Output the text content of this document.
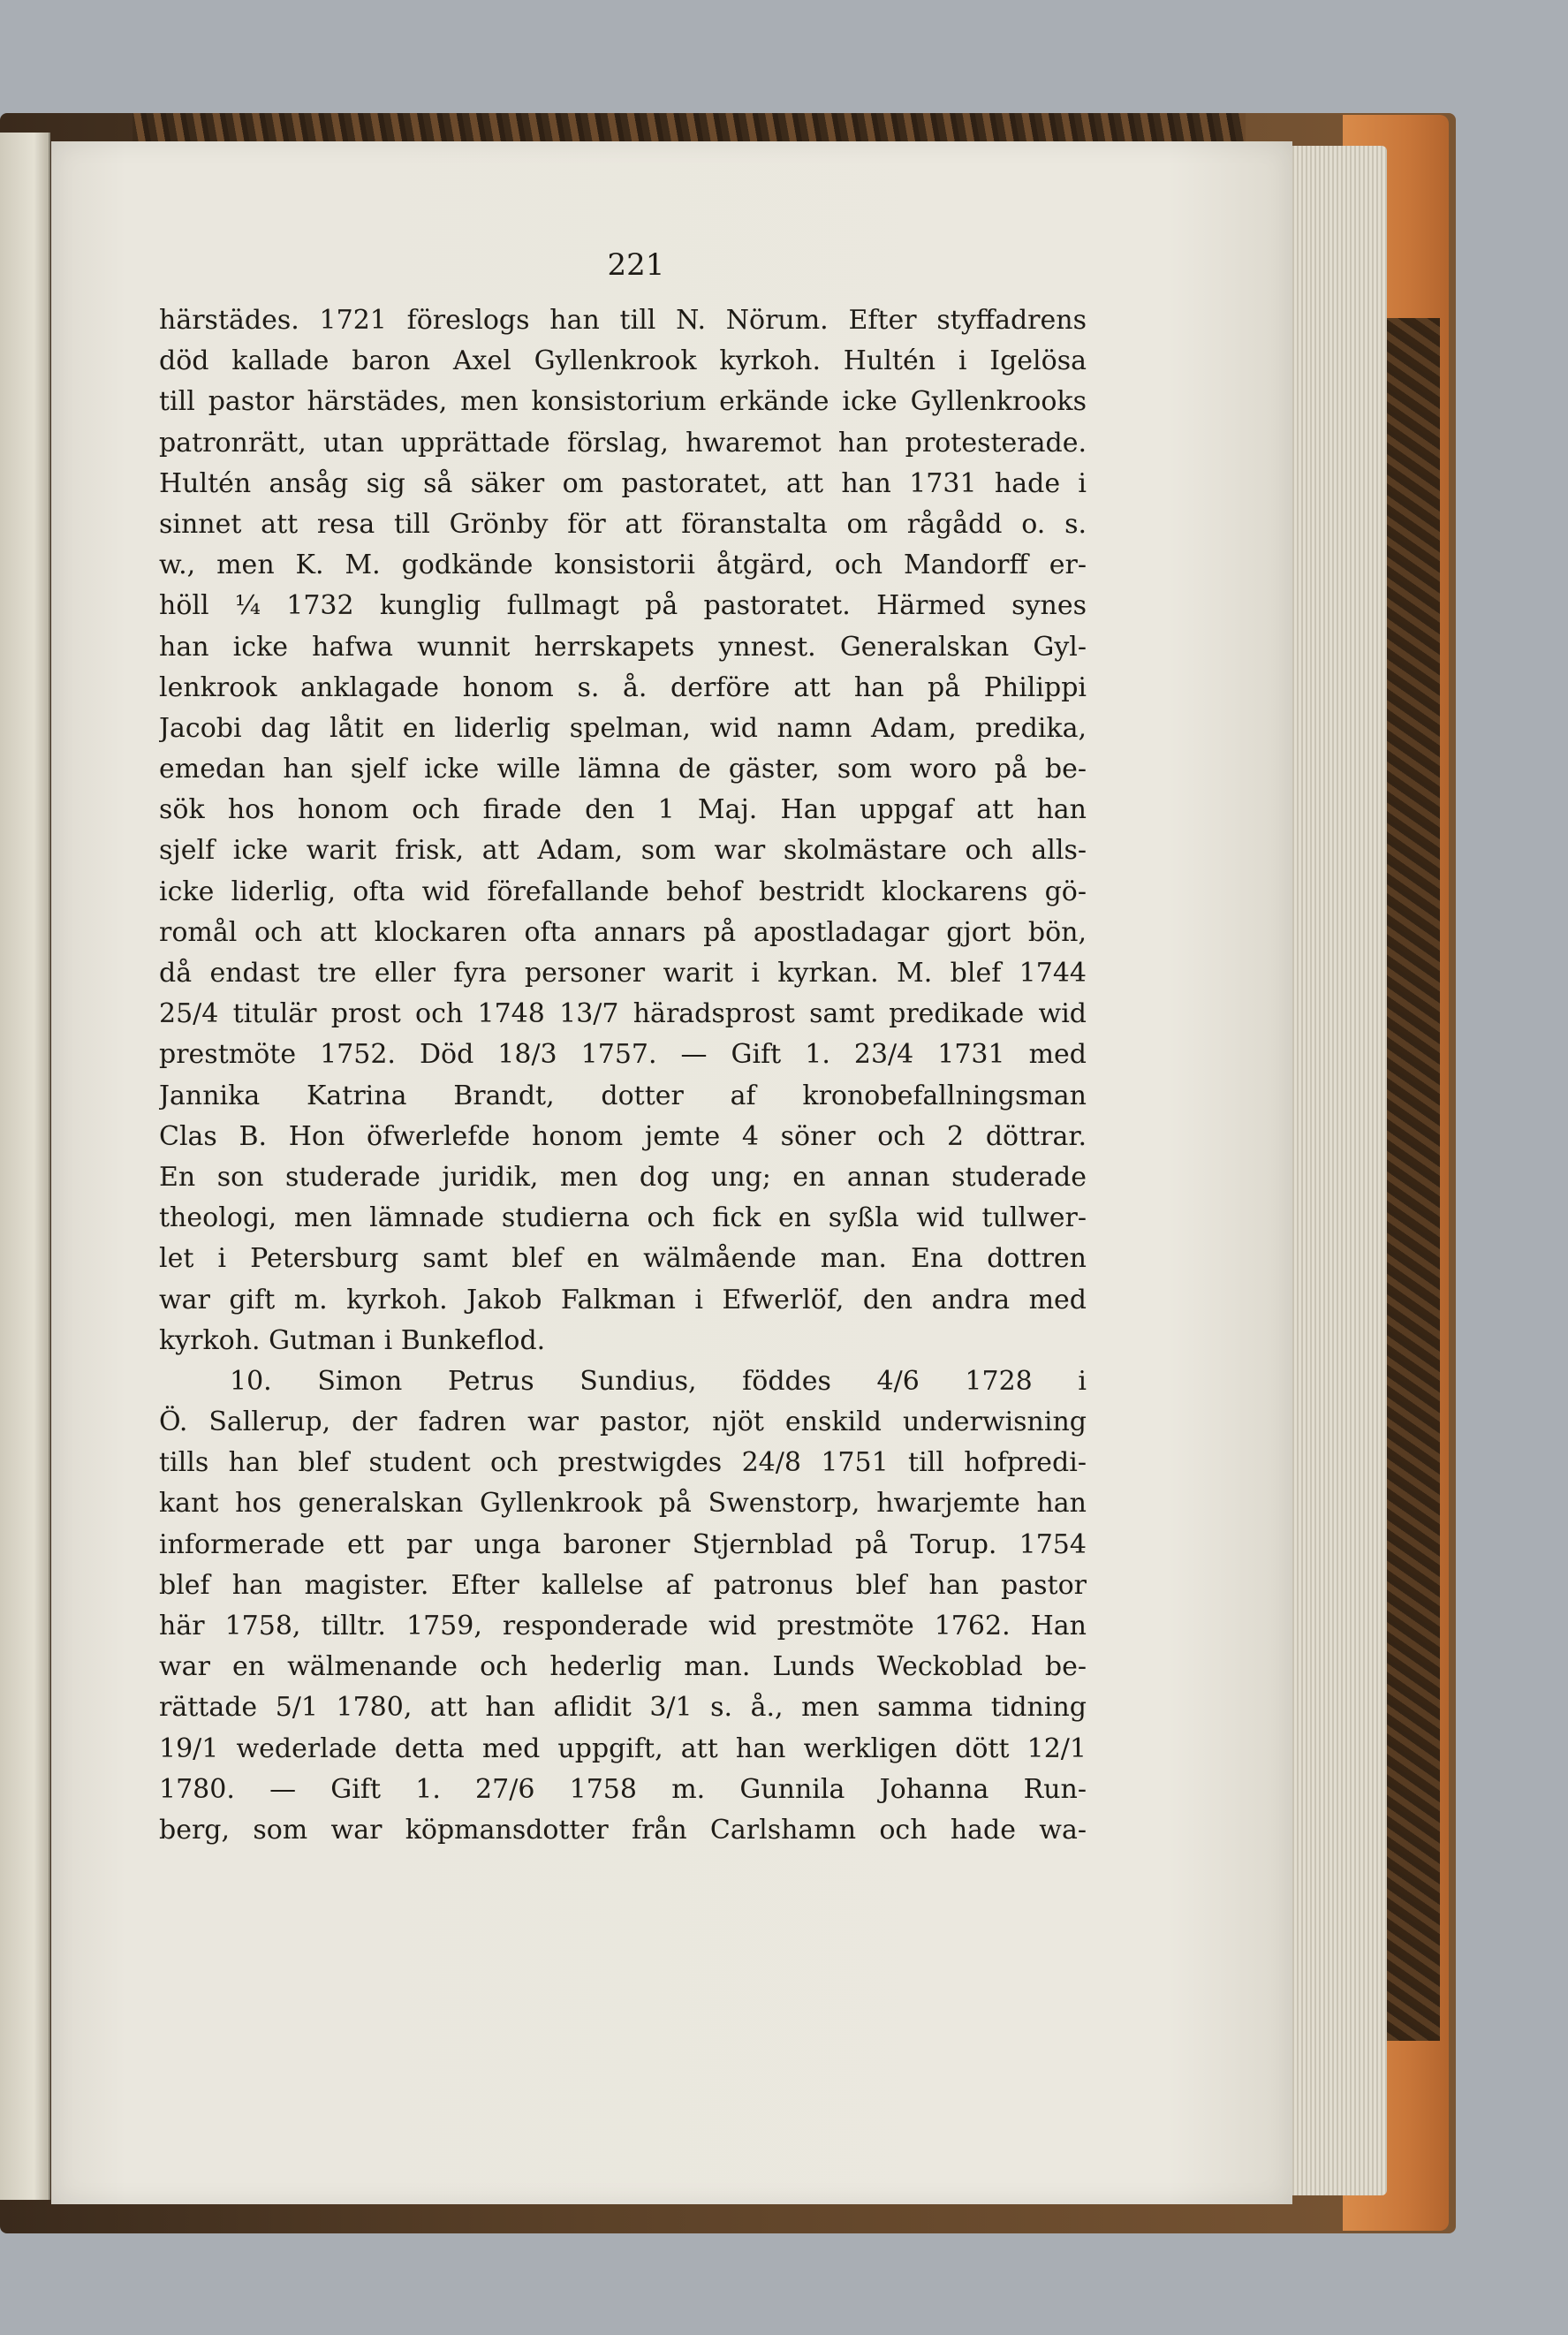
221
härstädes. 1721 föreslogs han till N. Nörum. Efter styffadrens
död kallade baron Axel Gyllenkrook kyrkoh. Hultén i Igelösa
till pastor härstädes, men konsistorium erkände icke Gyllenkrooks
patronrätt, utan upprättade förslag, hwaremot han protesterade.
Hultén ansåg sig så säker om pastoratet, att han 1731 hade i
sinnet att resa till Grönby för att föranstalta om rågådd o. s.
w., men K. M. godkände konsistorii åtgärd, och Mandorff er-
höll ¼ 1732 kunglig fullmagt på pastoratet. Härmed synes
han icke hafwa wunnit herrskapets ynnest. Generalskan Gyl-
lenkrook anklagade honom s. å. derföre att han på Philippi
Jacobi dag låtit en liderlig spelman, wid namn Adam, predika,
emedan han sjelf icke wille lämna de gäster, som woro på be-
sök hos honom och firade den 1 Maj. Han uppgaf att han
sjelf icke warit frisk, att Adam, som war skolmästare och alls-
icke liderlig, ofta wid förefallande behof bestridt klockarens gö-
romål och att klockaren ofta annars på apostladagar gjort bön,
då endast tre eller fyra personer warit i kyrkan. M. blef 1744
25/4 titulär prost och 1748 13/7 häradsprost samt predikade wid
prestmöte 1752. Död 18/3 1757. — Gift 1. 23/4 1731 med
Jannika Katrina Brandt, dotter af kronobefallningsman
Clas B. Hon öfwerlefde honom jemte 4 söner och 2 döttrar.
En son studerade juridik, men dog ung; en annan studerade
theologi, men lämnade studierna och fick en syßla wid tullwer-
let i Petersburg samt blef en wälmående man. Ena dottren
war gift m. kyrkoh. Jakob Falkman i Efwerlöf, den andra med
kyrkoh. Gutman i Bunkeflod.
10. Simon Petrus Sundius, föddes 4/6 1728 i
Ö. Sallerup, der fadren war pastor, njöt enskild underwisning
tills han blef student och prestwigdes 24/8 1751 till hofpredi-
kant hos generalskan Gyllenkrook på Swenstorp, hwarjemte han
informerade ett par unga baroner Stjernblad på Torup. 1754
blef han magister. Efter kallelse af patronus blef han pastor
här 1758, tilltr. 1759, responderade wid prestmöte 1762. Han
war en wälmenande och hederlig man. Lunds Weckoblad be-
rättade 5/1 1780, att han aflidit 3/1 s. å., men samma tidning
19/1 wederlade detta med uppgift, att han werkligen dött 12/1
1780. — Gift 1. 27/6 1758 m. Gunnila Johanna Run-
berg, som war köpmansdotter från Carlshamn och hade wa-
